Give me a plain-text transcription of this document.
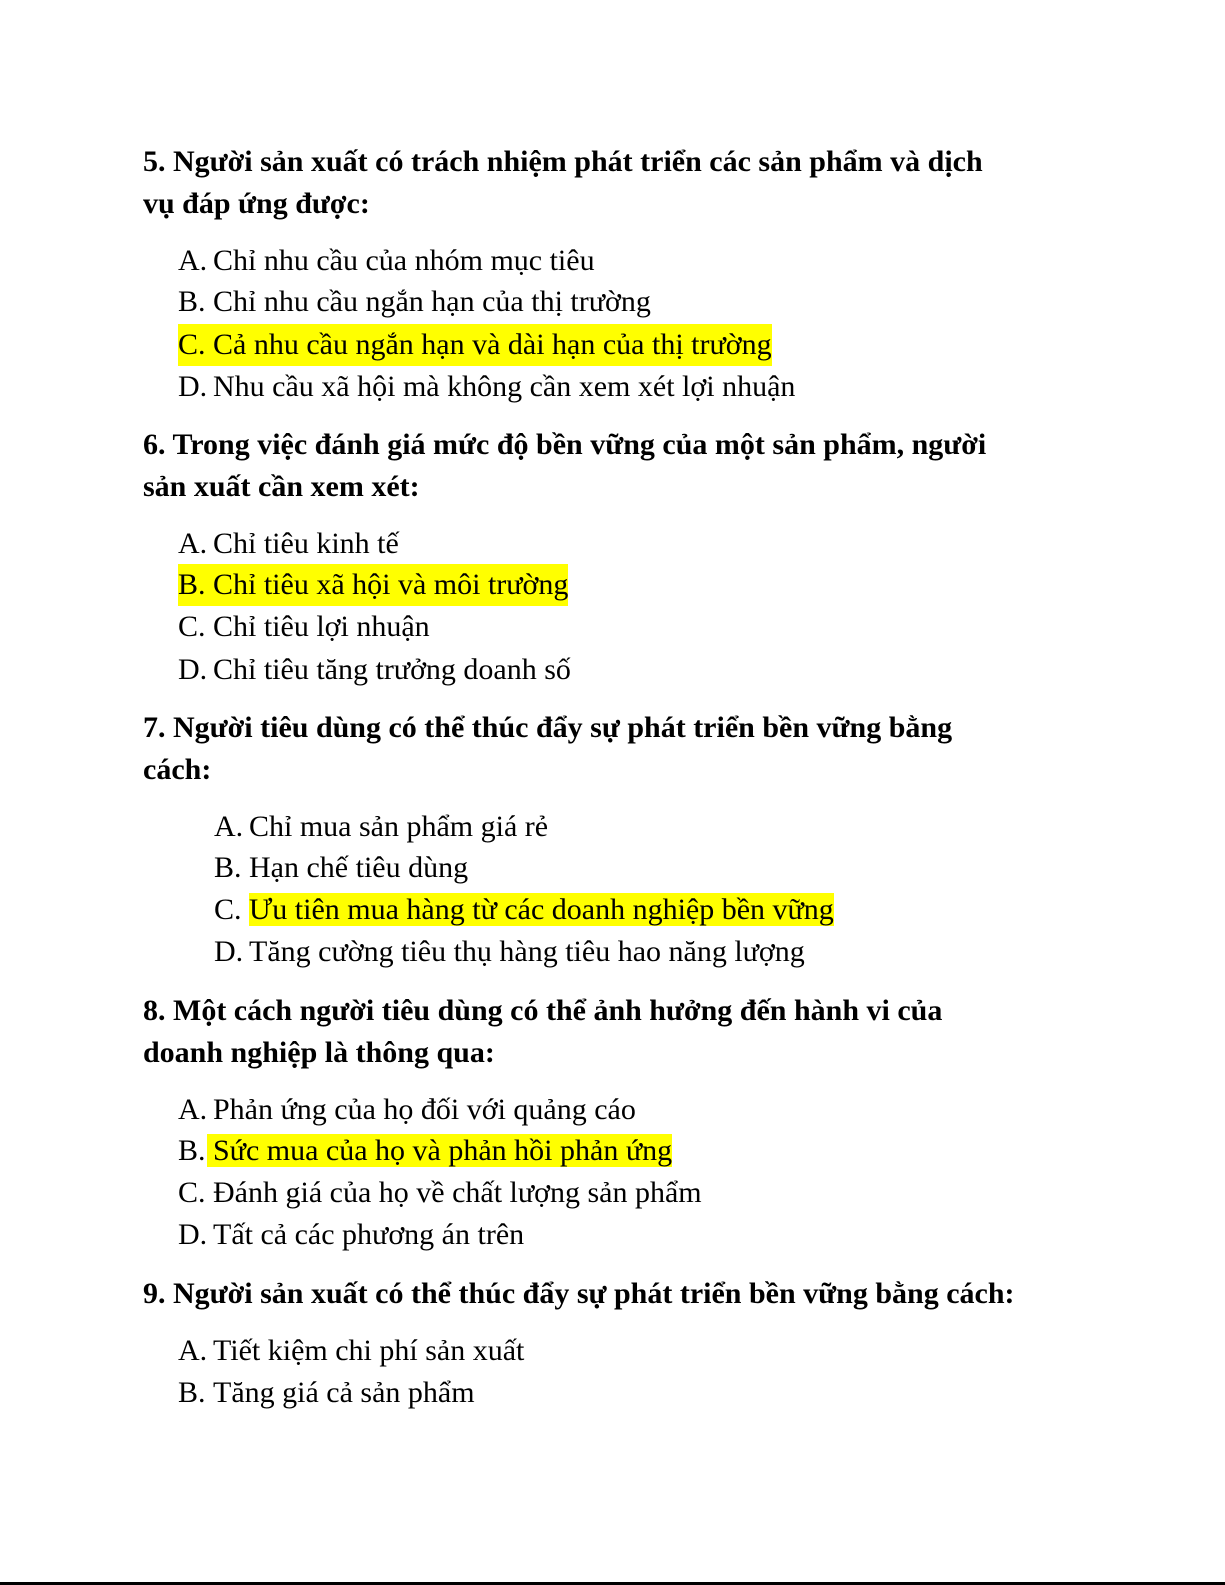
5. Người sản xuất có trách nhiệm phát triển các sản phẩm và dịch

vụ đáp ứng được:

A. Chỉ nhu cầu của nhóm mục tiêu
B. Chỉ nhu cầu ngắn hạn của thị trường
C. Cả nhu cầu ngắn hạn và dài hạn của thị trường
D. Nhu cầu xã hội mà không cần xem xét lợi nhuận

6. Trong việc đánh giá mức độ bền vững của một sản phẩm, người

sản xuất cần xem xét:

A. Chỉ tiêu kinh tế
B. Chỉ tiêu xã hội và môi trường
C. Chỉ tiêu lợi nhuận
D. Chỉ tiêu tăng trưởng doanh số

7. Người tiêu dùng có thể thúc đẩy sự phát triển bền vững bằng

cách:

A. Chỉ mua sản phẩm giá rẻ
B. Hạn chế tiêu dùng
C. Ưu tiên mua hàng từ các doanh nghiệp bền vững
D. Tăng cường tiêu thụ hàng tiêu hao năng lượng

8. Một cách người tiêu dùng có thể ảnh hưởng đến hành vi của

doanh nghiệp là thông qua:

A. Phản ứng của họ đối với quảng cáo
B. Sức mua của họ và phản hồi phản ứng
C. Đánh giá của họ về chất lượng sản phẩm
D. Tất cả các phương án trên

9. Người sản xuất có thể thúc đẩy sự phát triển bền vững bằng cách:

A. Tiết kiệm chi phí sản xuất
B. Tăng giá cả sản phẩm
